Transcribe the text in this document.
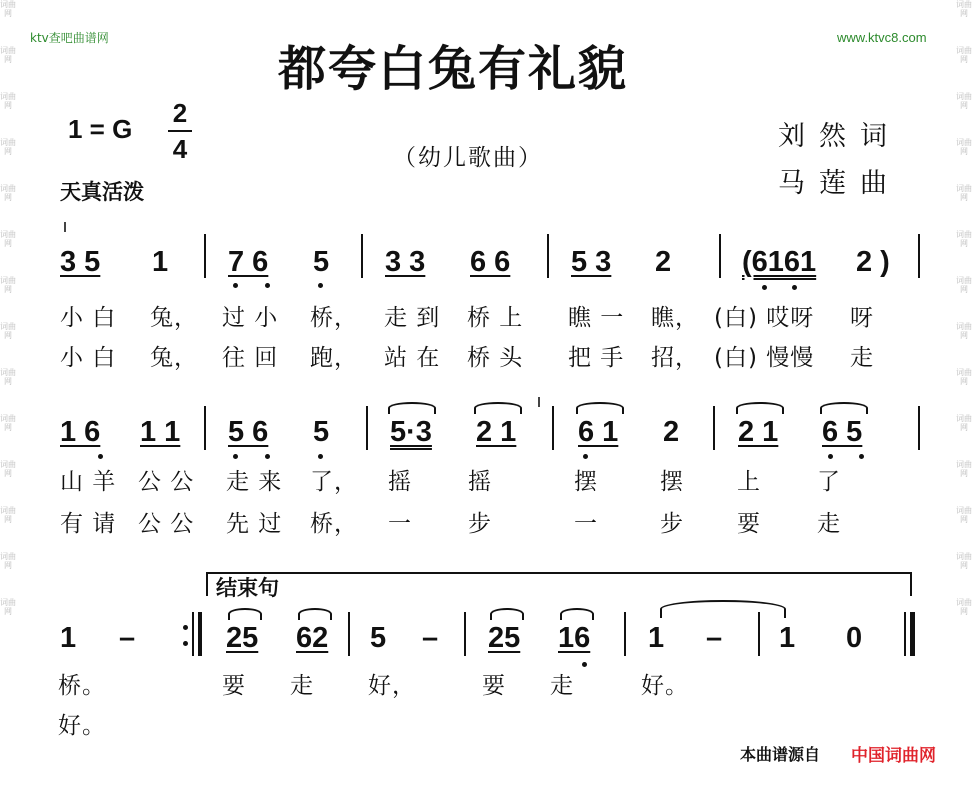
词曲网
词曲网
词曲网
词曲网
词曲网
词曲网
词曲网
词曲网
词曲网
词曲网
词曲网
词曲网
词曲网
词曲网
词曲网
词曲网
词曲网
词曲网
词曲网
词曲网
词曲网
词曲网
词曲网
词曲网
词曲网
词曲网
词曲网
词曲网
ktv查吧曲谱网	www.ktvc8.com
都夸白兔有礼貌
1 = G
2
4
天真活泼
（幼儿歌曲）
刘然词
马莲曲
3 5 1 7 6 5 3 3 6 6 5 3 2 (6161 2 )
小 白 兔， 过 小 桥， 走 到 桥 上 瞧 一 瞧， (白) 哎呀 呀
小 白 兔， 往 回 跑， 站 在 桥 头 把 手 招， (白) 慢慢 走
1 6 1 1 5 6 5 5·3 2 1 6 1 2 2 1 6 5
山 羊 公 公 走 来 了， 摇 摇	摆	摆 上 了
有 请 公 公 先 过 桥， 一 步	一	步 要 走
结束句
1 –	25 62 5 – 25 16 1 – 1 0
桥。	要 走 好，	要 走	好。
好。
本曲谱源自 中国词曲网
